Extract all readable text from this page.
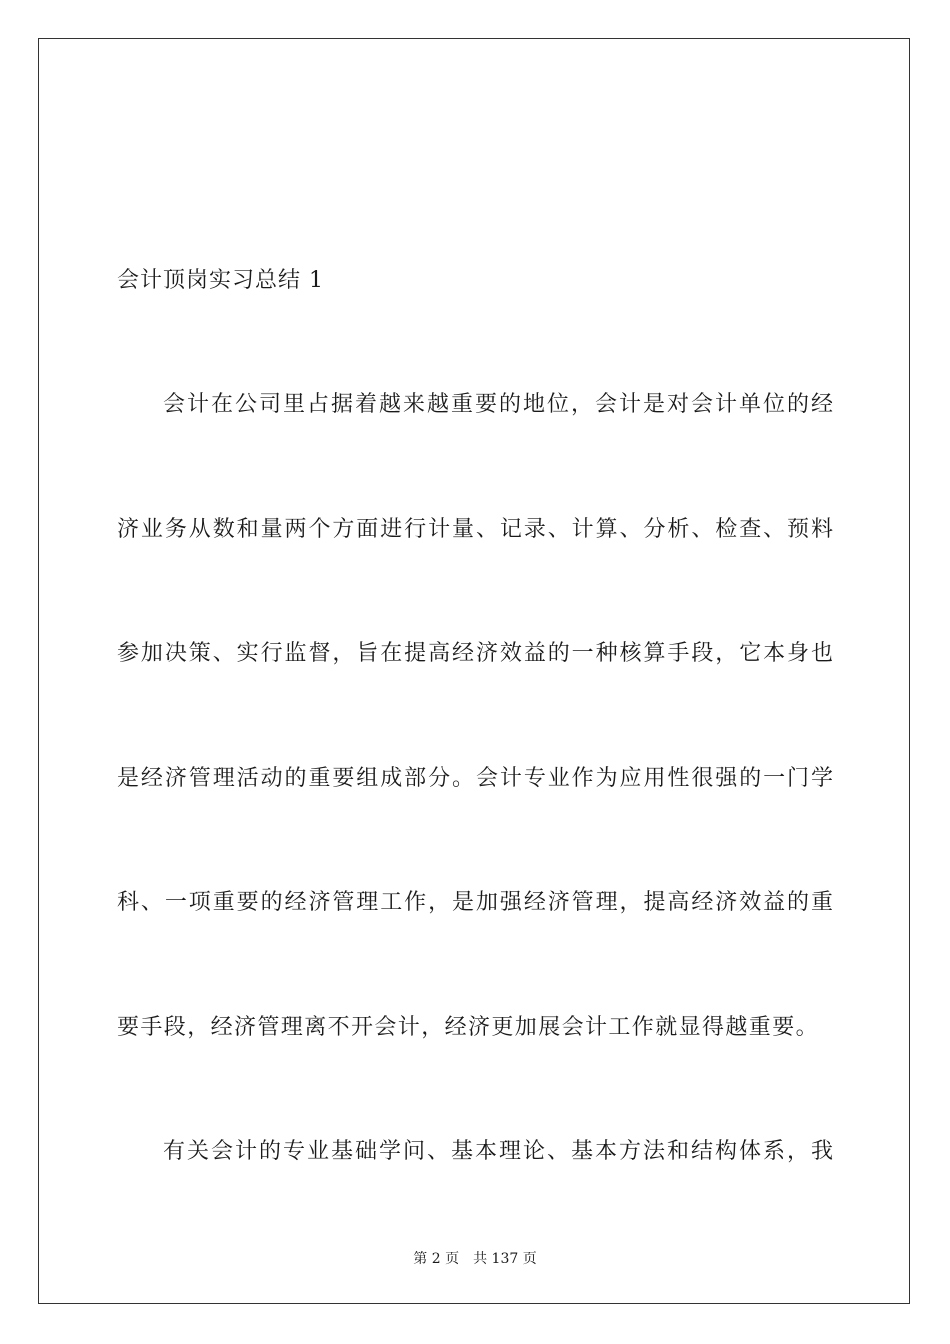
会计顶岗实习总结 1
会计在公司里占据着越来越重要的地位，会计是对会计单位的经
济业务从数和量两个方面进行计量、记录、计算、分析、检查、预料
参加决策、实行监督，旨在提高经济效益的一种核算手段，它本身也
是经济管理活动的重要组成部分。会计专业作为应用性很强的一门学
科、一项重要的经济管理工作，是加强经济管理，提高经济效益的重
要手段，经济管理离不开会计，经济更加展会计工作就显得越重要。
有关会计的专业基础学问、基本理论、基本方法和结构体系，我
第 2 页 共 137 页
